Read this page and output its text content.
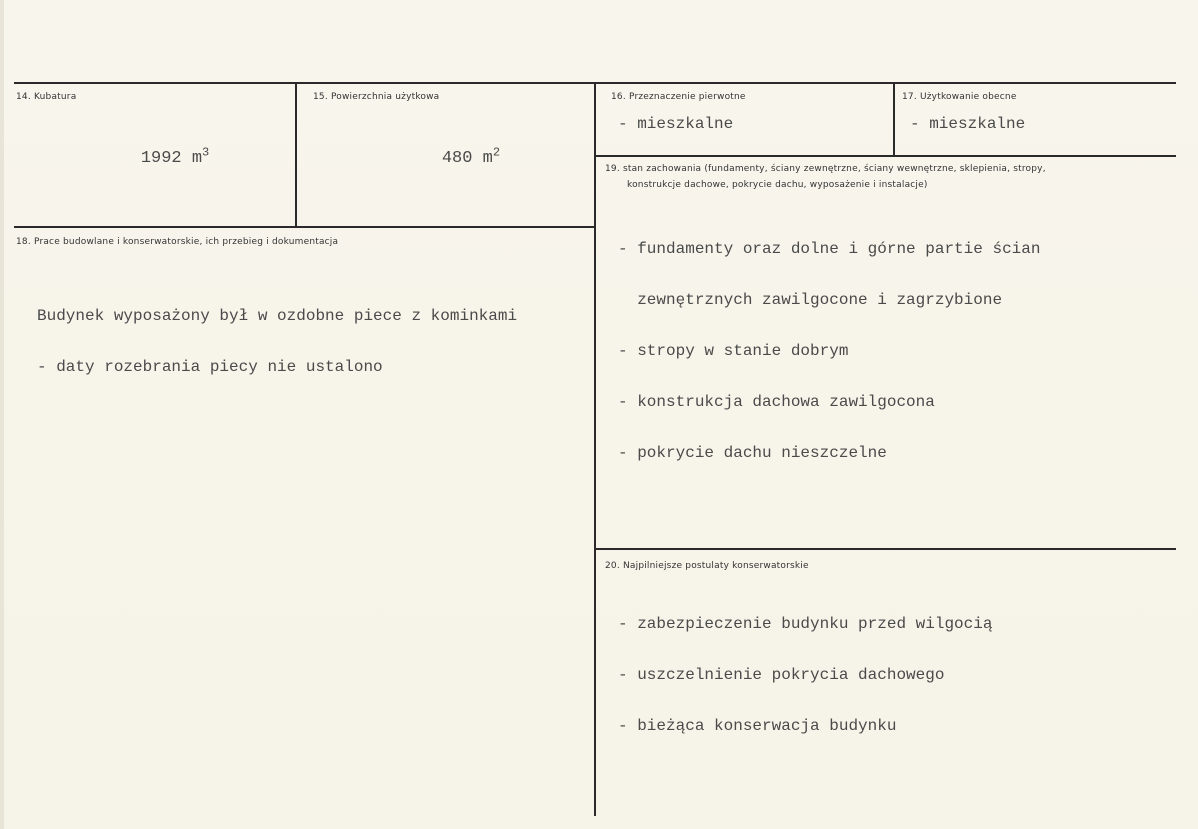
14. Kubatura

1992 $m^3$

15. Powierzchnia użytkowa

480 $m^2$

16. Przeznaczenie pierwotne
- mieszkalne
17. Użytkowanie obecne
- mieszkalne
18. Prace budowlane i konserwatorskie, ich przebieg i dokumentacja

Budynek wyposażony był w ozdobne piece z kominkami

- daty rozebrania piecy nie ustalono

19. stan zachowania (fundamenty, ściany zewnętrzne, ściany wewnętrzne, sklepienia, stropy,
konstrukcje dachowe, pokrycie dachu, wyposażenie i instalacje)

- fundamenty oraz dolne i górne partie ścian

zewnętrznych zawilgocone i zagrzybione

- stropy w stanie dobrym

- konstrukcja dachowa zawilgocona

- pokrycie dachu nieszczelne

20. Najpilniejsze postulaty konserwatorskie

- zabezpieczenie budynku przed wilgocią

- uszczelnienie pokrycia dachowego

- bieżąca konserwacja budynku
